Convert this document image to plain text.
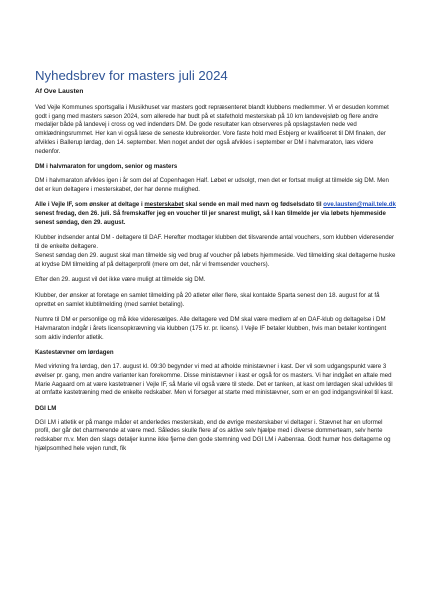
Nyhedsbrev for masters juli 2024
Af Ove Lausten

Ved Vejle Kommunes sportsgalla i Musikhuset var masters godt repræsenteret blandt klubbens medlemmer. Vi er desuden kommet godt i gang med masters sæson 2024, som allerede har budt på et stafethold mesterskab på 10 km landevejsløb og flere andre medaljer både på landevej i cross og ved indendørs DM. De gode resultater kan observeres på opslagstavlen nede ved omklædningsrummet. Her kan vi også læse de seneste klubrekorder. Vore faste hold med Esbjerg er kvalificeret til DM finalen, der afvikles i Ballerup lørdag, den 14. september. Men noget andet der også afvikles i september er DM i halvmaraton, læs videre nedenfor.

DM i halvmaraton for ungdom, senior og masters

DM i halvmaraton afvikles igen i år som del af Copenhagen Half. Løbet er udsolgt, men det er fortsat muligt at tilmelde sig DM. Men det er kun deltagere i mesterskabet, der har denne mulighed.

Alle i Vejle IF, som ønsker at deltage i mesterskabet skal sende en mail med navn og fødselsdato til ove.lausten@mail.tele.dk senest fredag, den 26. juli. Så fremskaffer jeg en voucher til jer snarest muligt, så I kan tilmelde jer via løbets hjemmeside senest søndag, den 29. august.

Klubber indsender antal DM - deltagere til DAF. Herefter modtager klubben det tilsvarende antal vouchers, som klubben videresender til de enkelte deltagere.

Senest søndag den 29. august skal man tilmelde sig ved brug af voucher på løbets hjemmeside. Ved tilmelding skal deltagerne huske at krydse DM tilmelding af på deltagerprofil (mere om det, når vi fremsender vouchers).

Efter den 29. august vil det ikke være muligt at tilmelde sig DM.

Klubber, der ønsker at foretage en samlet tilmelding på 20 atleter eller flere, skal kontakte Sparta senest den 18. august for at få oprettet en samlet klubtilmelding (med samlet betaling).

Numre til DM er personlige og må ikke videresælges. Alle deltagere ved DM skal være medlem af en DAF-klub og deltagelse i DM Halvmaraton indgår i årets licensopkrævning via klubben (175 kr. pr. licens). I Vejle IF betaler klubben, hvis man betaler kontingent som aktiv indenfor atletik.

Kastestævner om lørdagen

Med virkning fra lørdag, den 17. august kl. 09:30 begynder vi med at afholde ministævner i kast. Der vil som udgangspunkt være 3 øvelser pr. gang, men andre varianter kan forekomme. Disse ministævner i kast er også for os masters. Vi har indgået en aftale med Marie Aagaard om at være kastetræner i Vejle IF, så Marie vil også være til stede. Det er tanken, at kast om lørdagen skal udvikles til at omfatte kastetræning med de enkelte redskaber. Men vi forsøger at starte med ministævner, som er en god indgangsvinkel til kast.

DGI LM

DGI LM i atletik er på mange måder et anderledes mesterskab, end de øvrige mesterskaber vi deltager i. Stævnet har en uformel profil, der går det charmerende at være med. Således skulle flere af os aktive selv hjælpe med i diverse dommerteam, selv hente redskaber m.v. Men den slags detaljer kunne ikke fjerne den gode stemning ved DGI LM i Aabenraa. Godt humør hos deltagerne og hjælpsomhed hele vejen rundt, fik
